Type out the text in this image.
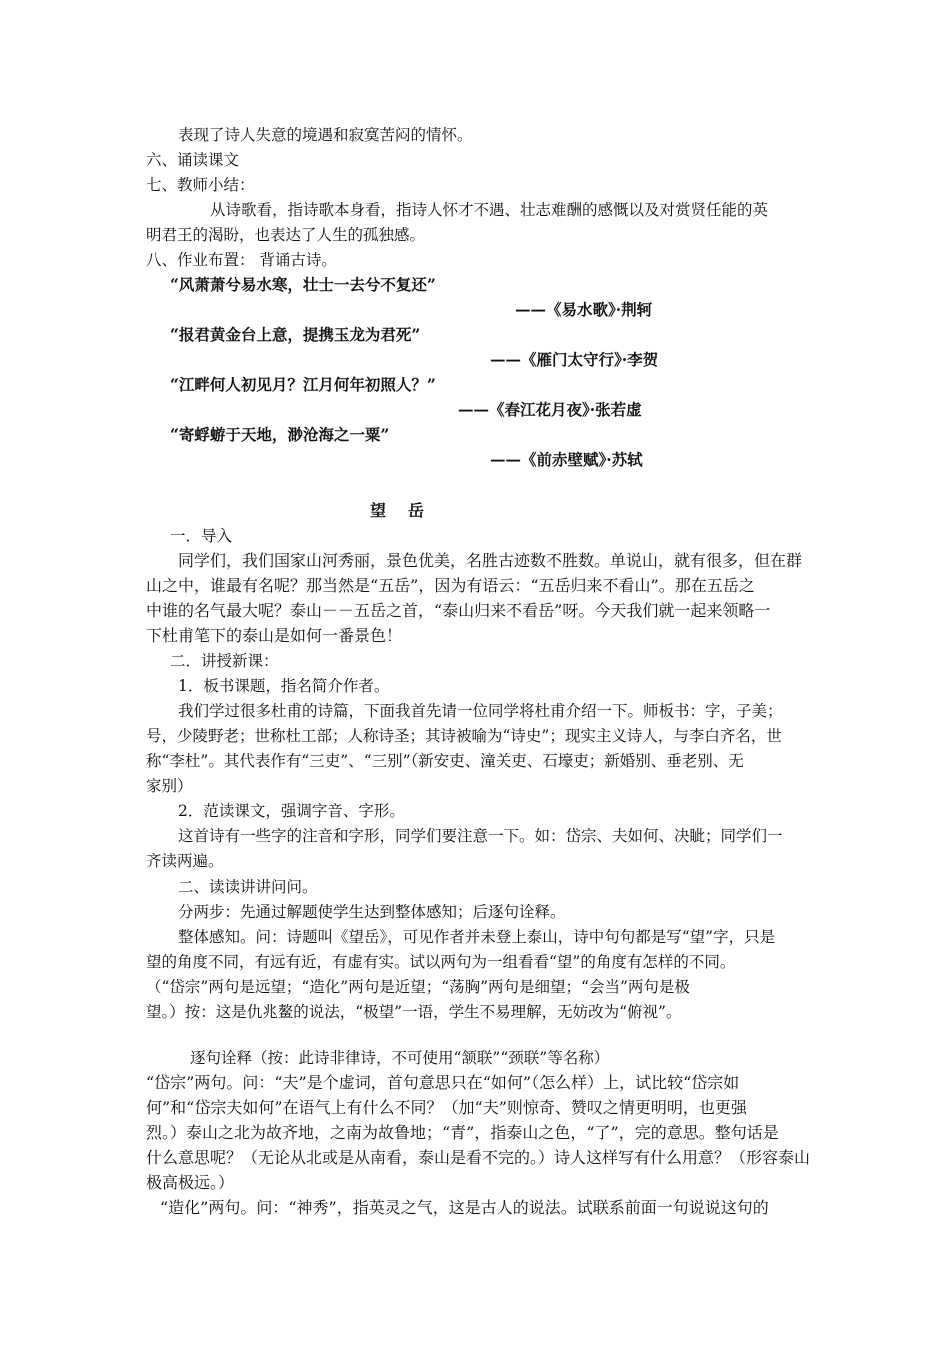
表现了诗人失意的境遇和寂寞苦闷的情怀。
六、诵读课文
七、教师小结：
从诗歌看，指诗歌本身看，指诗人怀才不遇、壮志难酬的感慨以及对赏贤任能的英
明君王的渴盼，也表达了人生的孤独感。
八、作业布置： 背诵古诗。
“风萧萧兮易水寒，壮士一去兮不复还”
——《易水歌》·荆轲
“报君黄金台上意，提携玉龙为君死”
——《雁门太守行》·李贺
“江畔何人初见月？江月何年初照人？”
——《春江花月夜》·张若虚
“寄蜉蝣于天地，渺沧海之一粟”
——《前赤壁赋》·苏轼
望岳
一．导入
同学们，我们国家山河秀丽，景色优美，名胜古迹数不胜数。单说山，就有很多，但在群
山之中，谁最有名呢？那当然是“五岳”，因为有语云：“五岳归来不看山”。那在五岳之
中谁的名气最大呢？泰山－－五岳之首，“泰山归来不看岳”呀。今天我们就一起来领略一
下杜甫笔下的泰山是如何一番景色！
二．讲授新课：
1．板书课题，指名简介作者。
我们学过很多杜甫的诗篇，下面我首先请一位同学将杜甫介绍一下。师板书：字，子美；
号，少陵野老；世称杜工部；人称诗圣；其诗被喻为“诗史”；现实主义诗人，与李白齐名，世
称“李杜”。其代表作有“三吏”、“三别”（新安吏、潼关吏、石壕吏；新婚别、垂老别、无
家别）
2．范读课文，强调字音、字形。
这首诗有一些字的注音和字形，同学们要注意一下。如：岱宗、夫如何、决眦；同学们一
齐读两遍。
二、读读讲讲问问。
分两步：先通过解题使学生达到整体感知；后逐句诠释。
整体感知。问：诗题叫《望岳》，可见作者并未登上泰山，诗中句句都是写“望”字，只是
望的角度不同，有远有近，有虚有实。试以两句为一组看看“望”的角度有怎样的不同。
（“岱宗”两句是远望；“造化”两句是近望；“荡胸”两句是细望；“会当”两句是极
望。）按：这是仇兆鳌的说法，“极望”一语，学生不易理解，无妨改为“俯视”。
逐句诠释（按：此诗非律诗，不可使用“颔联”“颈联”等名称）
“岱宗”两句。问：“夫”是个虚词，首句意思只在“如何”（怎么样）上，试比较“岱宗如
何”和“岱宗夫如何”在语气上有什么不同？（加“夫”则惊奇、赞叹之情更明明，也更强
烈。）泰山之北为故齐地，之南为故鲁地；“青”，指泰山之色，“了”，完的意思。整句话是
什么意思呢？（无论从北或是从南看，泰山是看不完的。）诗人这样写有什么用意？（形容泰山
极高极远。）
“造化”两句。问：“神秀”，指英灵之气，这是古人的说法。试联系前面一句说说这句的
